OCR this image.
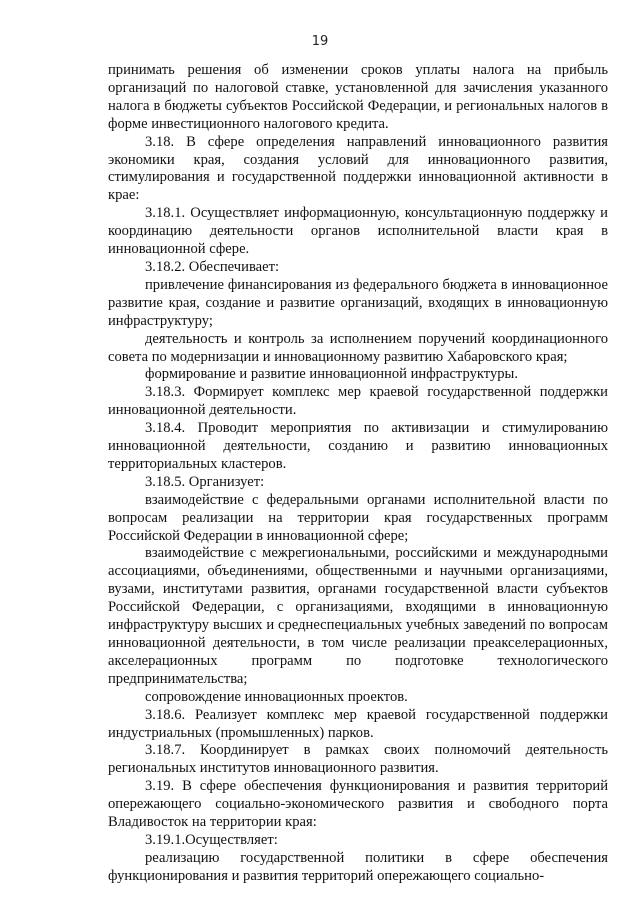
19

принимать решения об изменении сроков уплаты налога на прибыль организаций по налоговой ставке, установленной для зачисления указанного налога в бюджеты субъектов Российской Федерации, и региональных налогов в форме инвестиционного налогового кредита.

3.18. В сфере определения направлений инновационного развития экономики края, создания условий для инновационного развития, стимулирования и государственной поддержки инновационной активности в крае:

3.18.1. Осуществляет информационную, консультационную поддержку и координацию деятельности органов исполнительной власти края в инновационной сфере.

3.18.2. Обеспечивает:

привлечение финансирования из федерального бюджета в инновационное развитие края, создание и развитие организаций, входящих в инновационную инфраструктуру;

деятельность и контроль за исполнением поручений координационного совета по модернизации и инновационному развитию Хабаровского края;

формирование и развитие инновационной инфраструктуры.

3.18.3. Формирует комплекс мер краевой государственной поддержки инновационной деятельности.

3.18.4. Проводит мероприятия по активизации и стимулированию инновационной деятельности, созданию и развитию инновационных территориальных кластеров.

3.18.5. Организует:

взаимодействие с федеральными органами исполнительной власти по вопросам реализации на территории края государственных программ Российской Федерации в инновационной сфере;

взаимодействие с межрегиональными, российскими и международными ассоциациями, объединениями, общественными и научными организациями, вузами, институтами развития, органами государственной власти субъектов Российской Федерации, с организациями, входящими в инновационную инфраструктуру высших и среднеспециальных учебных заведений по вопросам инновационной деятельности, в том числе реализации преакселерационных, акселерационных программ по подготовке технологического предпринимательства;

сопровождение инновационных проектов.

3.18.6. Реализует комплекс мер краевой государственной поддержки индустриальных (промышленных) парков.

3.18.7. Координирует в рамках своих полномочий деятельность региональных институтов инновационного развития.

3.19. В сфере обеспечения функционирования и развития территорий опережающего социально-экономического развития и свободного порта Владивосток на территории края:

3.19.1.Осуществляет:

реализацию государственной политики в сфере обеспечения функционирования и развития территорий опережающего социально-
